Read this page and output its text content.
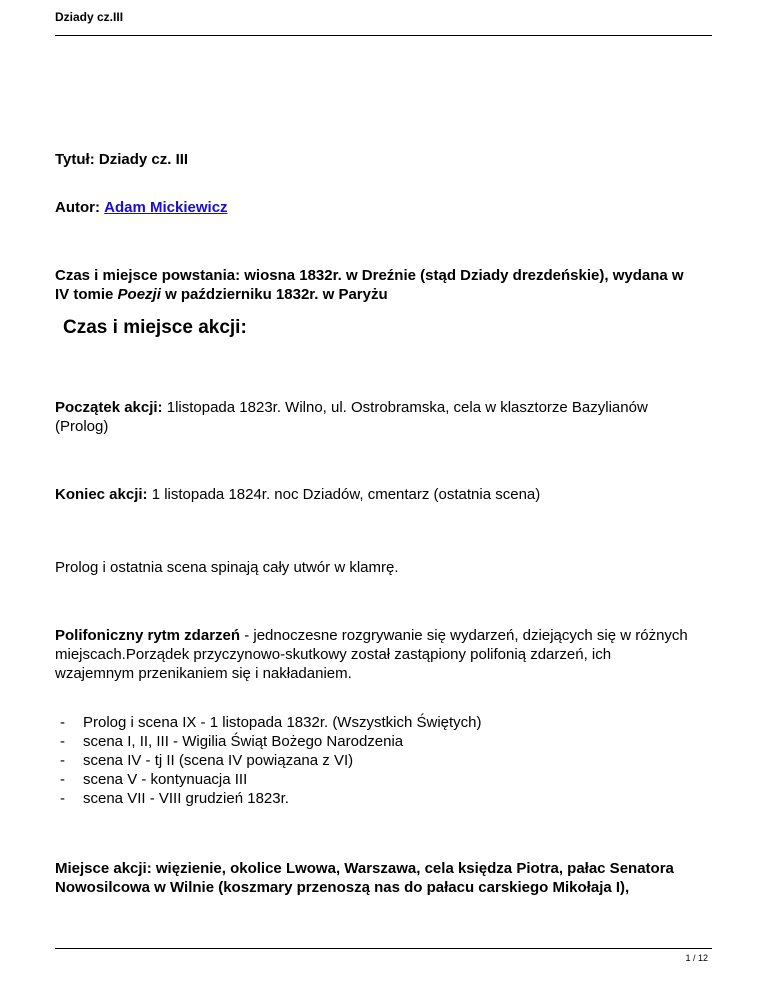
Dziady cz.III
Tytuł: Dziady cz. III
Autor: Adam Mickiewicz
Czas i miejsce powstania: wiosna 1832r. w Dreźnie (stąd Dziady drezdeńskie), wydana w
IV tomie Poezji w październiku 1832r. w Paryżu
Czas i miejsce akcji:
Początek akcji: 1listopada 1823r. Wilno, ul. Ostrobramska, cela w klasztorze Bazylianów
(Prolog)
Koniec akcji: 1 listopada 1824r. noc Dziadów, cmentarz (ostatnia scena)
Prolog i ostatnia scena spinają cały utwór w klamrę.
Polifoniczny rytm zdarzeń - jednoczesne rozgrywanie się wydarzeń, dziejących się w różnych
miejscach.Porządek przyczynowo-skutkowy został zastąpiony polifonią zdarzeń, ich
wzajemnym przenikaniem się i nakładaniem.
- Prolog i scena IX - 1 listopada 1832r. (Wszystkich Świętych)
- scena I, II, III - Wigilia Świąt Bożego Narodzenia
- scena IV - tj II (scena IV powiązana z VI)
- scena V - kontynuacja III
- scena VII - VIII grudzień 1823r.
Miejsce akcji: więzienie, okolice Lwowa, Warszawa, cela księdza Piotra, pałac Senatora
Nowosilcowa w Wilnie (koszmary przenoszą nas do pałacu carskiego Mikołaja I),
1 / 12
